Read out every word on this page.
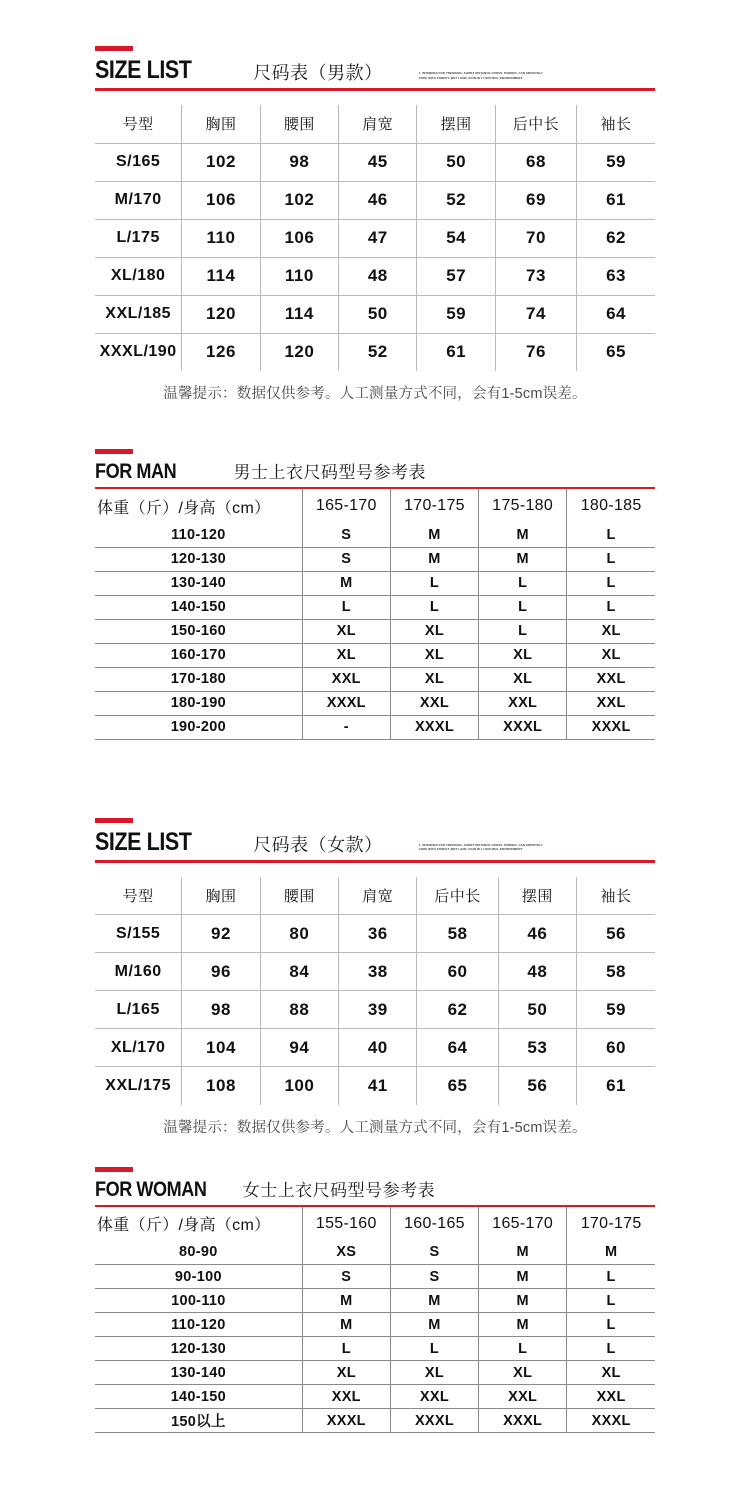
SIZE LIST	尺码表（男款）	1. INTENDED FOR TREKKING, SHORT DISTANCE CROSS, PADDED, CAN SMOOTHLY COPE WITH FOREST, WET LAND, RAIN IN LI NATURAL ENVIRONMENT.
号型	胸围	腰围	肩宽	摆围	后中长	袖长
S/165	102	98	45	50	68	59
M/170	106	102	46	52	69	61
L/175	110	106	47	54	70	62
XL/180	114	110	48	57	73	63
XXL/185	120	114	50	59	74	64
XXXL/190	126	120	52	61	76	65
温馨提示：数据仅供参考。人工测量方式不同，会有1-5cm误差。
FOR MAN	男士上衣尺码型号参考表
体重（斤）/身高（cm）	165-170	170-175	175-180	180-185
110-120	S	M	M	L
120-130	S	M	M	L
130-140	M	L	L	L
140-150	L	L	L	L
150-160	XL	XL	L	XL
160-170	XL	XL	XL	XL
170-180	XXL	XL	XL	XXL
180-190	XXXL	XXL	XXL	XXL
190-200	-	XXXL	XXXL	XXXL
SIZE LIST	尺码表（女款）	1. INTENDED FOR TREKKING, SHORT DISTANCE CROSS, PADDED, CAN SMOOTHLY COPE WITH FOREST, WET LAND, RAIN IN LI NATURAL ENVIRONMENT.
号型	胸围	腰围	肩宽	后中长	摆围	袖长
S/155	92	80	36	58	46	56
M/160	96	84	38	60	48	58
L/165	98	88	39	62	50	59
XL/170	104	94	40	64	53	60
XXL/175	108	100	41	65	56	61
温馨提示：数据仅供参考。人工测量方式不同，会有1-5cm误差。
FOR WOMAN 女士上衣尺码型号参考表
体重（斤）/身高（cm）	155-160	160-165	165-170	170-175
80-90	XS	S	M	M
90-100	S	S	M	L
100-110	M	M	M	L
110-120	M	M	M	L
120-130	L	L	L	L
130-140	XL	XL	XL	XL
140-150	XXL	XXL	XXL	XXL
150以上	XXXL	XXXL	XXXL	XXXL
